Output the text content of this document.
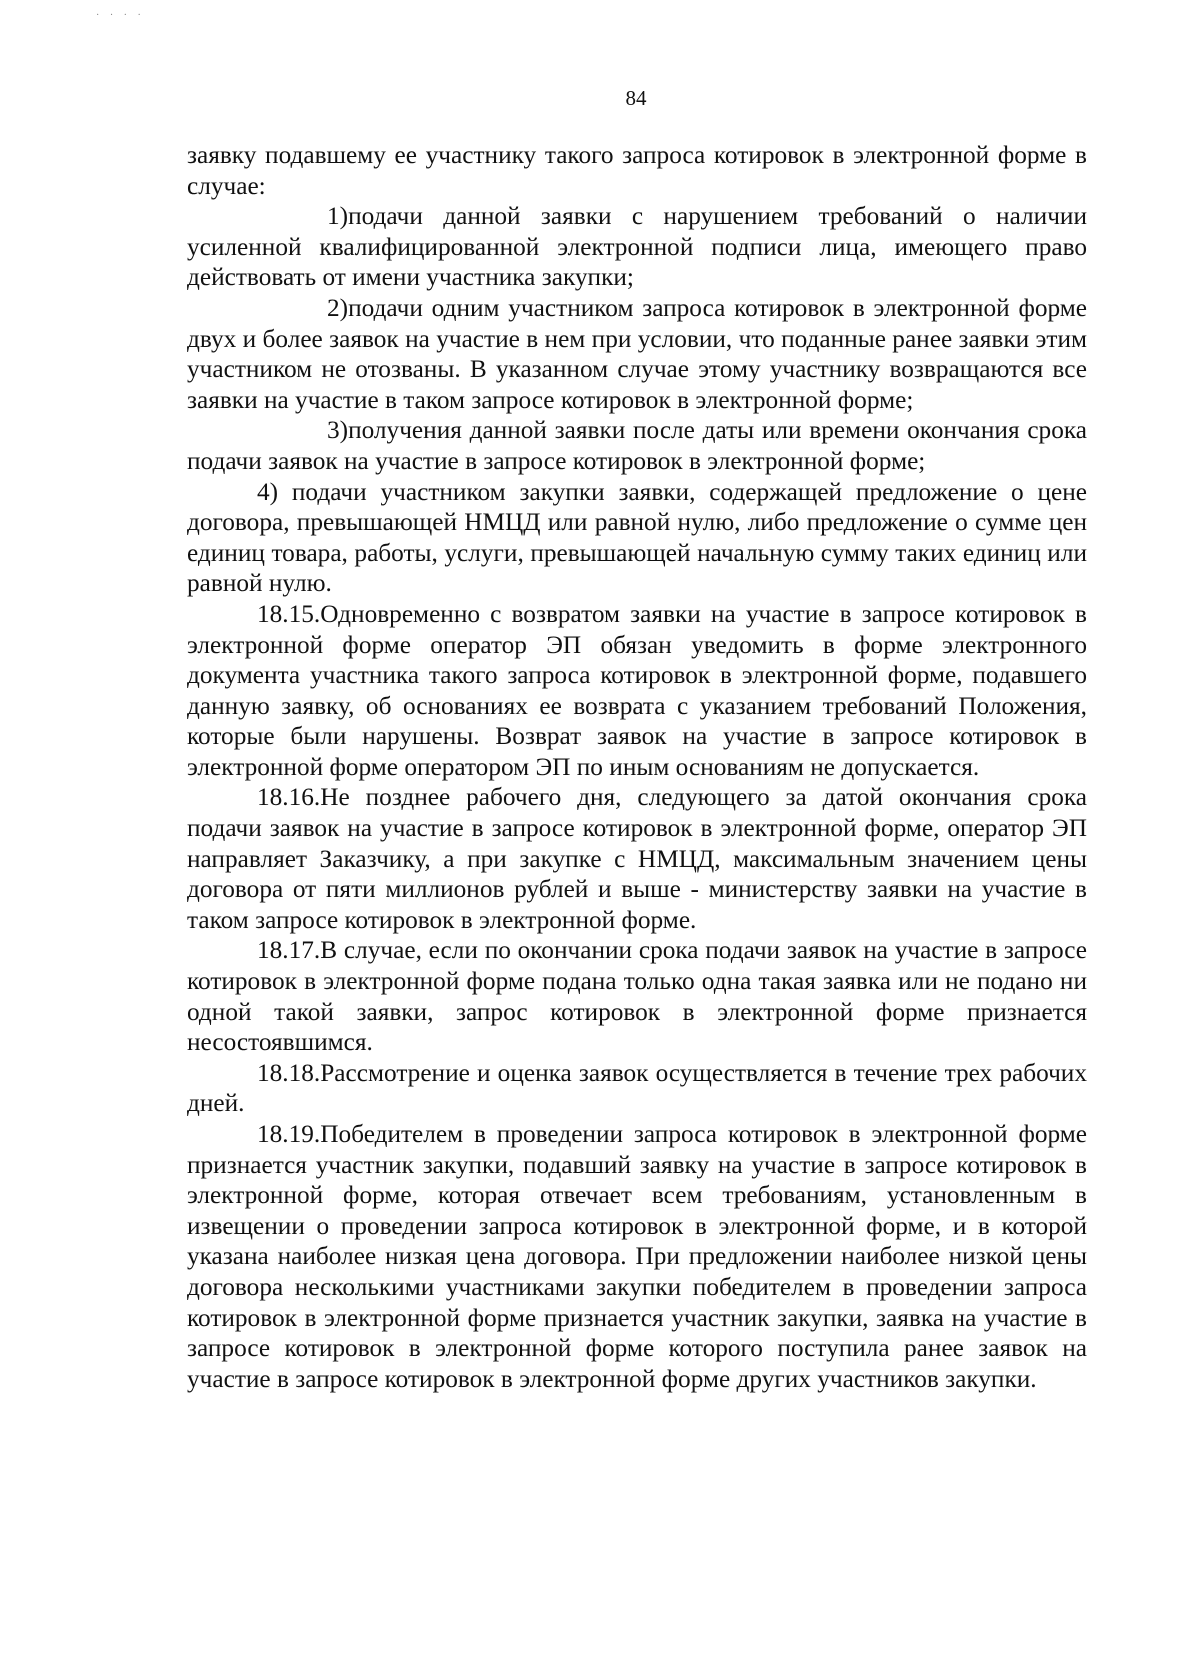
· · · ·
84

заявку подавшему ее участнику такого запроса котировок в электронной форме в случае:

1)подачи данной заявки с нарушением требований о наличии усиленной квалифицированной электронной подписи лица, имеющего право действовать от имени участника закупки;

2)подачи одним участником запроса котировок в электронной форме двух и более заявок на участие в нем при условии, что поданные ранее заявки этим участником не отозваны. В указанном случае этому участнику возвращаются все заявки на участие в таком запросе котировок в электронной форме;

3)получения данной заявки после даты или времени окончания срока подачи заявок на участие в запросе котировок в электронной форме;

4) подачи участником закупки заявки, содержащей предложение о цене договора, превышающей НМЦД или равной нулю, либо предложение о сумме цен единиц товара, работы, услуги, превышающей начальную сумму таких единиц или равной нулю.

18.15.Одновременно с возвратом заявки на участие в запросе котировок в электронной форме оператор ЭП обязан уведомить в форме электронного документа участника такого запроса котировок в электронной форме, подавшего данную заявку, об основаниях ее возврата с указанием требований Положения, которые были нарушены. Возврат заявок на участие в запросе котировок в электронной форме оператором ЭП по иным основаниям не допускается.

18.16.Не позднее рабочего дня, следующего за датой окончания срока подачи заявок на участие в запросе котировок в электронной форме, оператор ЭП направляет Заказчику, а при закупке с НМЦД, максимальным значением цены договора от пяти миллионов рублей и выше - министерству заявки на участие в таком запросе котировок в электронной форме.

18.17.В случае, если по окончании срока подачи заявок на участие в запросе котировок в электронной форме подана только одна такая заявка или не подано ни одной такой заявки, запрос котировок в электронной форме признается несостоявшимся.

18.18.Рассмотрение и оценка заявок осуществляется в течение трех рабочих дней.

18.19.Победителем в проведении запроса котировок в электронной форме признается участник закупки, подавший заявку на участие в запросе котировок в электронной форме, которая отвечает всем требованиям, установленным в извещении о проведении запроса котировок в электронной форме, и в которой указана наиболее низкая цена договора. При предложении наиболее низкой цены договора несколькими участниками закупки победителем в проведении запроса котировок в электронной форме признается участник закупки, заявка на участие в запросе котировок в электронной форме которого поступила ранее заявок на участие в запросе котировок в электронной форме других участников закупки.
